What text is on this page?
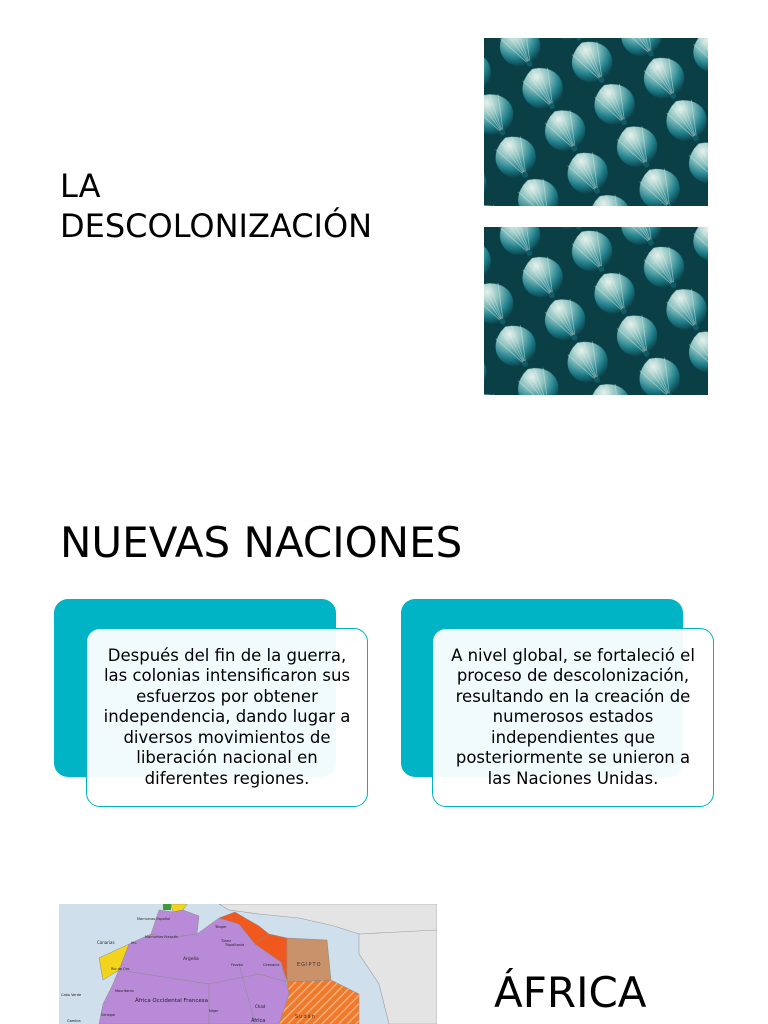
LA
DESCOLONIZACIÓN
NUEVAS NACIONES

Después del fin de la guerra, las colonias intensificaron sus esfuerzos por obtener independencia, dando lugar a diversos movimientos de liberación nacional en diferentes regiones.

A nivel global, se fortaleció el proceso de descolonización, resultando en la creación de numerosos estados independientes que posteriormente se unieron a las Naciones Unidas.

Marruecos Español
Marruecos Francés
Canarias
Tánger
Túnez
Ifni
Argelia
Tripolitania
Fezzán	Cirenaica	EGIPTO
Río de Oro
Mauritania
Cabo Verde
África Occidental Francesa
Chad
Sudán
Níger
África
Gambia
Senegal	ÁFRICA
